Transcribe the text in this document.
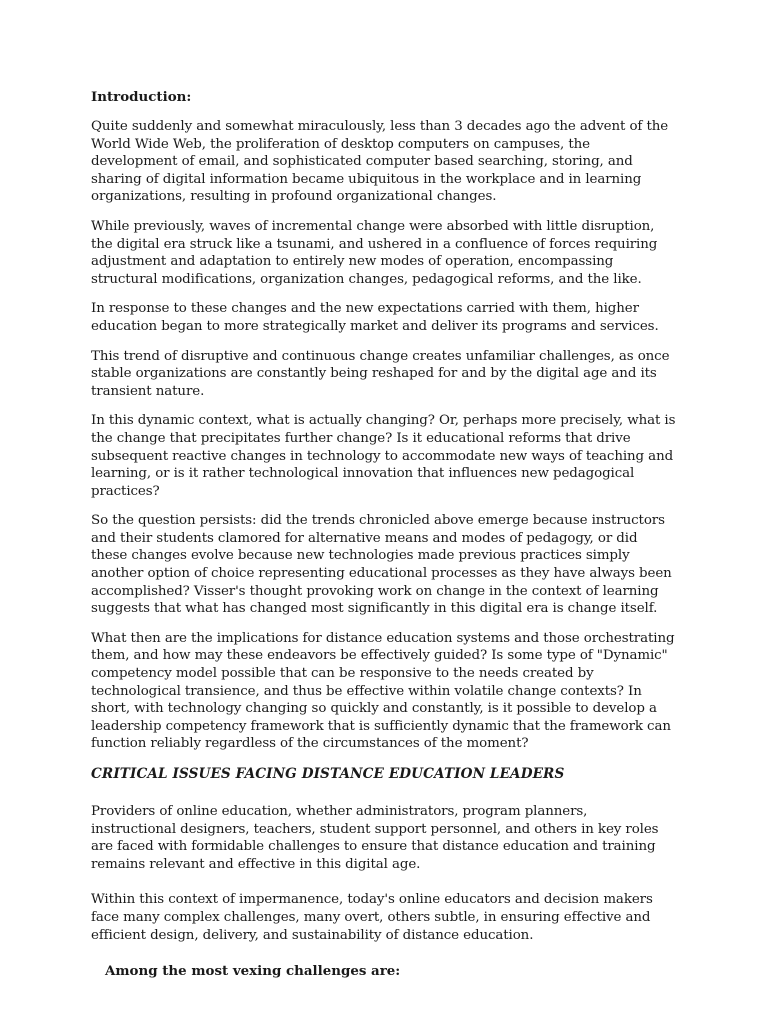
Introduction:

Quite suddenly and somewhat miraculously, less than 3 decades ago the advent of the World Wide Web, the proliferation of desktop computers on campuses, the development of email, and sophisticated computer based searching, storing, and sharing of digital information became ubiquitous in the workplace and in learning organizations, resulting in profound organizational changes.

While previously, waves of incremental change were absorbed with little disruption, the digital era struck like a tsunami, and ushered in a confluence of forces requiring adjustment and adaptation to entirely new modes of operation, encompassing structural modifications, organization changes, pedagogical reforms, and the like.

In response to these changes and the new expectations carried with them, higher education began to more strategically market and deliver its programs and services.

This trend of disruptive and continuous change creates unfamiliar challenges, as once stable organizations are constantly being reshaped for and by the digital age and its transient nature.

In this dynamic context, what is actually changing? Or, perhaps more precisely, what is the change that precipitates further change? Is it educational reforms that drive subsequent reactive changes in technology to accommodate new ways of teaching and learning, or is it rather technological innovation that influences new pedagogical practices?

So the question persists: did the trends chronicled above emerge because instructors and their students clamored for alternative means and modes of pedagogy, or did these changes evolve because new technologies made previous practices simply another option of choice representing educational processes as they have always been accomplished? Visser's thought provoking work on change in the context of learning suggests that what has changed most significantly in this digital era is change itself.

What then are the implications for distance education systems and those orchestrating them, and how may these endeavors be effectively guided? Is some type of "Dynamic" competency model possible that can be responsive to the needs created by technological transience, and thus be effective within volatile change contexts? In short, with technology changing so quickly and constantly, is it possible to develop a leadership competency framework that is sufficiently dynamic that the framework can function reliably regardless of the circumstances of the moment?

CRITICAL ISSUES FACING DISTANCE EDUCATION LEADERS

Providers of online education, whether administrators, program planners, instructional designers, teachers, student support personnel, and others in key roles are faced with formidable challenges to ensure that distance education and training remains relevant and effective in this digital age.

Within this context of impermanence, today's online educators and decision makers face many complex challenges, many overt, others subtle, in ensuring effective and efficient design, delivery, and sustainability of distance education.

Among the most vexing challenges are:
